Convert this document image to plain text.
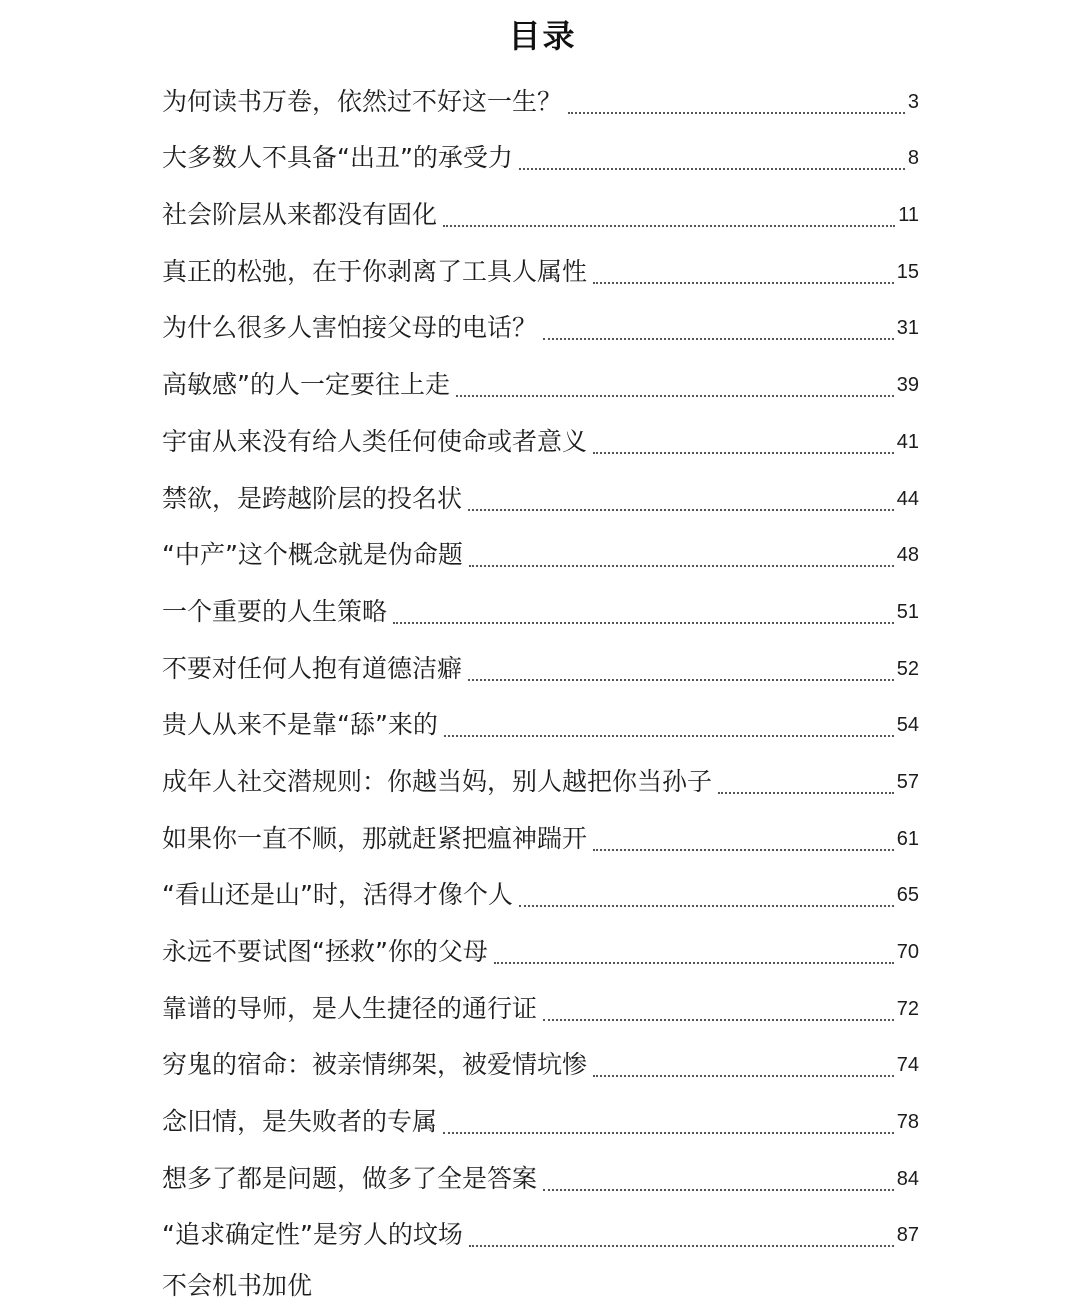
目录
为何读书万卷，依然过不好这一生？	3
大多数人不具备“出丑”的承受力	8
社会阶层从来都没有固化	11
真正的松弛，在于你剥离了工具人属性	15
为什么很多人害怕接父母的电话？	31
高敏感”的人一定要往上走	39
宇宙从来没有给人类任何使命或者意义	41
禁欲，是跨越阶层的投名状	44
“中产”这个概念就是伪命题	48
一个重要的人生策略	51
不要对任何人抱有道德洁癖	52
贵人从来不是靠“舔”来的	54
成年人社交潜规则：你越当妈，别人越把你当孙子	57
如果你一直不顺，那就赶紧把瘟神踹开	61
“看山还是山”时，活得才像个人	65
永远不要试图“拯救”你的父母	70
靠谱的导师，是人生捷径的通行证	72
穷鬼的宿命：被亲情绑架，被爱情坑惨	74
念旧情，是失败者的专属	78
想多了都是问题，做多了全是答案	84
“追求确定性”是穷人的坟场	87
不会机书加优
